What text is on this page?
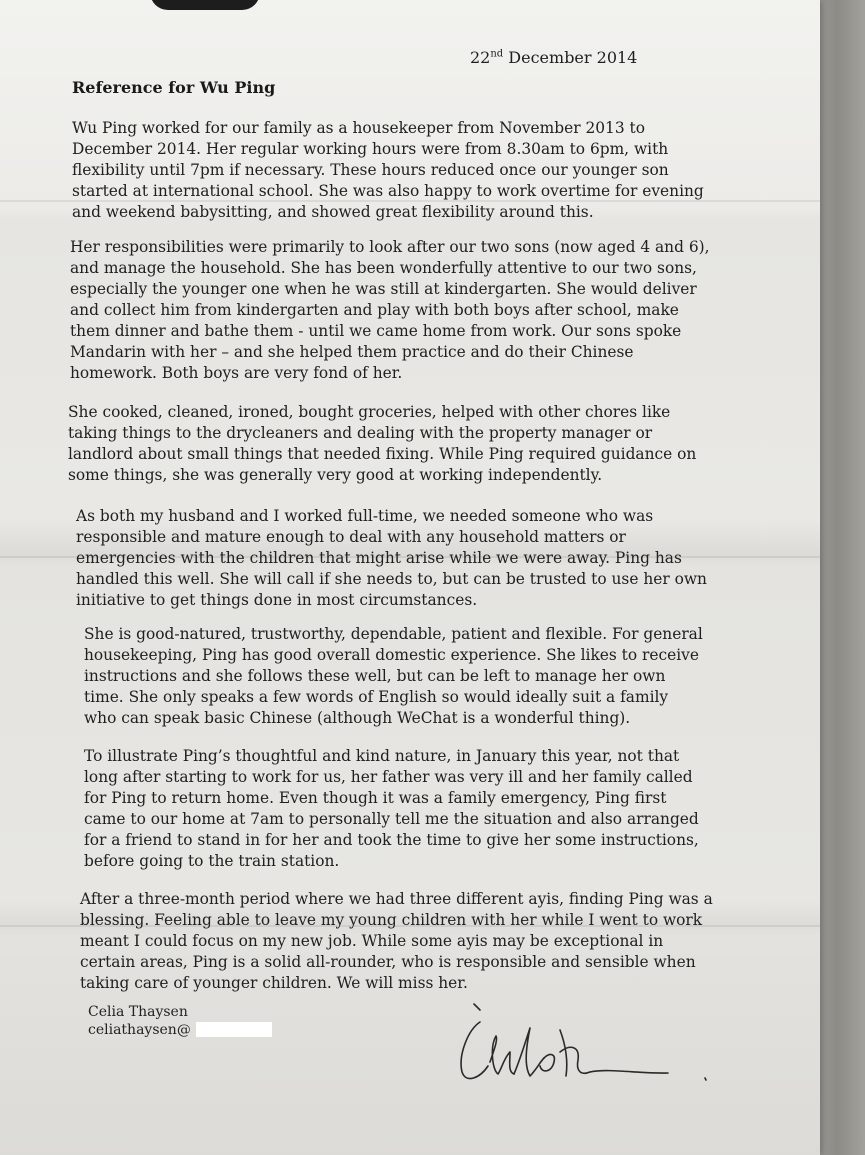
22nd December 2014
Reference for Wu Ping

Wu Ping worked for our family as a housekeeper from November 2013 to December 2014. Her regular working hours were from 8.30am to 6pm, with flexibility until 7pm if necessary. These hours reduced once our younger son started at international school. She was also happy to work overtime for evening and weekend babysitting, and showed great flexibility around this.

Her responsibilities were primarily to look after our two sons (now aged 4 and 6), and manage the household. She has been wonderfully attentive to our two sons, especially the younger one when he was still at kindergarten. She would deliver and collect him from kindergarten and play with both boys after school, make them dinner and bathe them - until we came home from work. Our sons spoke Mandarin with her – and she helped them practice and do their Chinese homework. Both boys are very fond of her.

She cooked, cleaned, ironed, bought groceries, helped with other chores like taking things to the drycleaners and dealing with the property manager or landlord about small things that needed fixing. While Ping required guidance on some things, she was generally very good at working independently.

As both my husband and I worked full-time, we needed someone who was responsible and mature enough to deal with any household matters or emergencies with the children that might arise while we were away. Ping has handled this well. She will call if she needs to, but can be trusted to use her own initiative to get things done in most circumstances.

She is good-natured, trustworthy, dependable, patient and flexible. For general housekeeping, Ping has good overall domestic experience. She likes to receive instructions and she follows these well, but can be left to manage her own time. She only speaks a few words of English so would ideally suit a family who can speak basic Chinese (although WeChat is a wonderful thing).

To illustrate Ping’s thoughtful and kind nature, in January this year, not that long after starting to work for us, her father was very ill and her family called for Ping to return home. Even though it was a family emergency, Ping first came to our home at 7am to personally tell me the situation and also arranged for a friend to stand in for her and took the time to give her some instructions, before going to the train station.

After a three-month period where we had three different ayis, finding Ping was a blessing. Feeling able to leave my young children with her while I went to work meant I could focus on my new job. While some ayis may be exceptional in certain areas, Ping is a solid all-rounder, who is responsible and sensible when taking care of younger children. We will miss her.

Celia Thaysen
celiathaysen@
